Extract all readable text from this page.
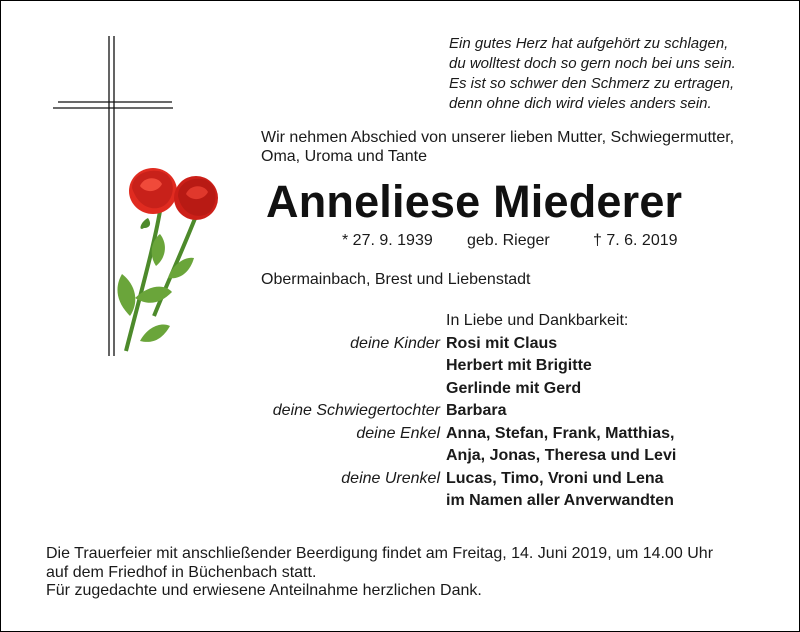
Ein gutes Herz hat aufgehört zu schlagen,
du wolltest doch so gern noch bei uns sein.
Es ist so schwer den Schmerz zu ertragen,
denn ohne dich wird vieles anders sein.
Wir nehmen Abschied von unserer lieben Mutter, Schwiegermutter,
Oma, Uroma und Tante
Anneliese Miederer
* 27. 9. 1939 geb. Rieger	† 7. 6. 2019
Obermainbach, Brest und Liebenstadt
In Liebe und Dankbarkeit:
deine Kinder Rosi mit Claus
Herbert mit Brigitte
Gerlinde mit Gerd
deine Schwiegertochter Barbara
deine Enkel Anna, Stefan, Frank, Matthias,
Anja, Jonas, Theresa und Levi
deine Urenkel Lucas, Timo, Vroni und Lena
im Namen aller Anverwandten
Die Trauerfeier mit anschließender Beerdigung findet am Freitag, 14. Juni 2019, um 14.00 Uhr
auf dem Friedhof in Büchenbach statt.
Für zugedachte und erwiesene Anteilnahme herzlichen Dank.
